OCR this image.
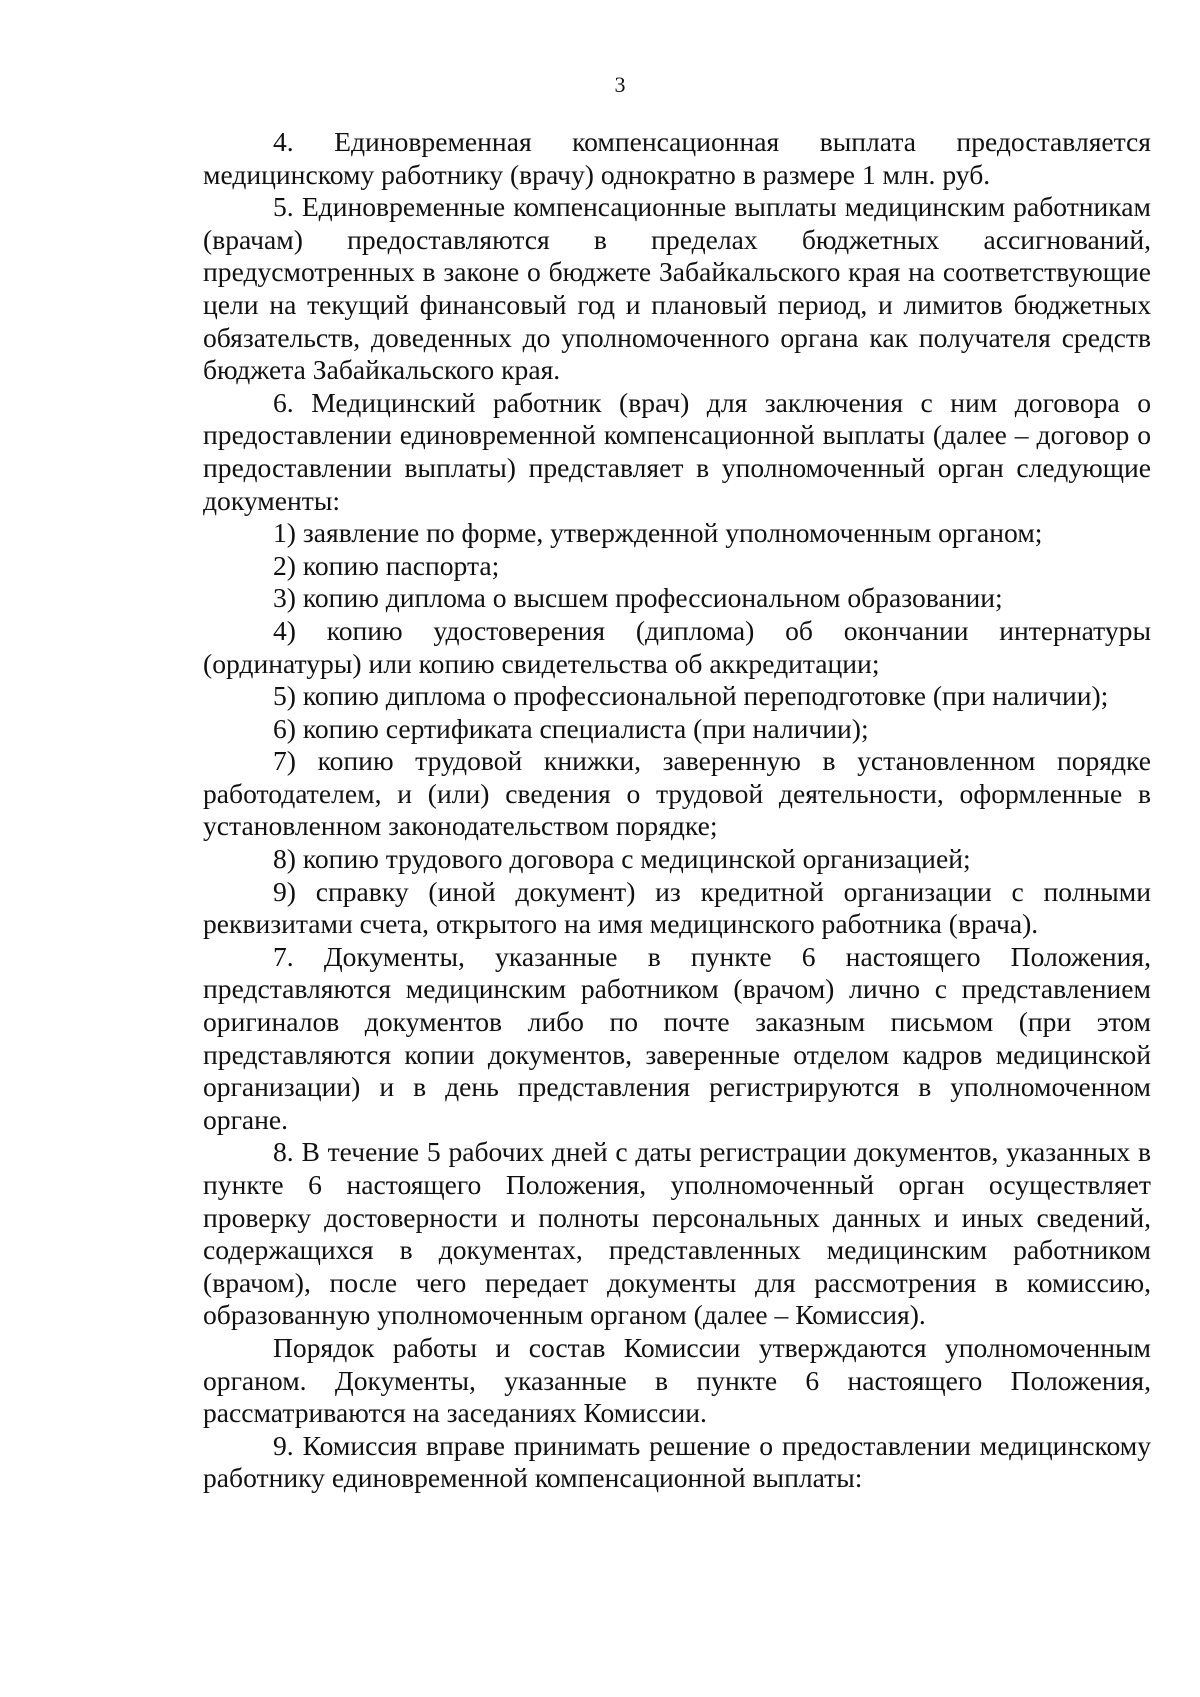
3

4. Единовременная компенсационная выплата предоставляется медицинскому работнику (врачу) однократно в размере 1 млн. руб.

5. Единовременные компенсационные выплаты медицинским работникам (врачам) предоставляются в пределах бюджетных ассигнований, предусмотренных в законе о бюджете Забайкальского края на соответствующие цели на текущий финансовый год и плановый период, и лимитов бюджетных обязательств, доведенных до уполномоченного органа как получателя средств бюджета Забайкальского края.

6. Медицинский работник (врач) для заключения с ним договора о предоставлении единовременной компенсационной выплаты (далее – договор о предоставлении выплаты) представляет в уполномоченный орган следующие документы:

1) заявление по форме, утвержденной уполномоченным органом;

2) копию паспорта;

3) копию диплома о высшем профессиональном образовании;

4) копию удостоверения (диплома) об окончании интернатуры (ординатуры) или копию свидетельства об аккредитации;

5) копию диплома о профессиональной переподготовке (при наличии);

6) копию сертификата специалиста (при наличии);

7) копию трудовой книжки, заверенную в установленном порядке работодателем, и (или) сведения о трудовой деятельности, оформленные в установленном законодательством порядке;

8) копию трудового договора с медицинской организацией;

9) справку (иной документ) из кредитной организации с полными реквизитами счета, открытого на имя медицинского работника (врача).

7. Документы, указанные в пункте 6 настоящего Положения, представляются медицинским работником (врачом) лично с представлением оригиналов документов либо по почте заказным письмом (при этом представляются копии документов, заверенные отделом кадров медицинской организации) и в день представления регистрируются в уполномоченном органе.

8. В течение 5 рабочих дней с даты регистрации документов, указанных в пункте 6 настоящего Положения, уполномоченный орган осуществляет проверку достоверности и полноты персональных данных и иных сведений, содержащихся в документах, представленных медицинским работником (врачом), после чего передает документы для рассмотрения в комиссию, образованную уполномоченным органом (далее – Комиссия).

Порядок работы и состав Комиссии утверждаются уполномоченным органом. Документы, указанные в пункте 6 настоящего Положения, рассматриваются на заседаниях Комиссии.

9. Комиссия вправе принимать решение о предоставлении медицинскому работнику единовременной компенсационной выплаты:
